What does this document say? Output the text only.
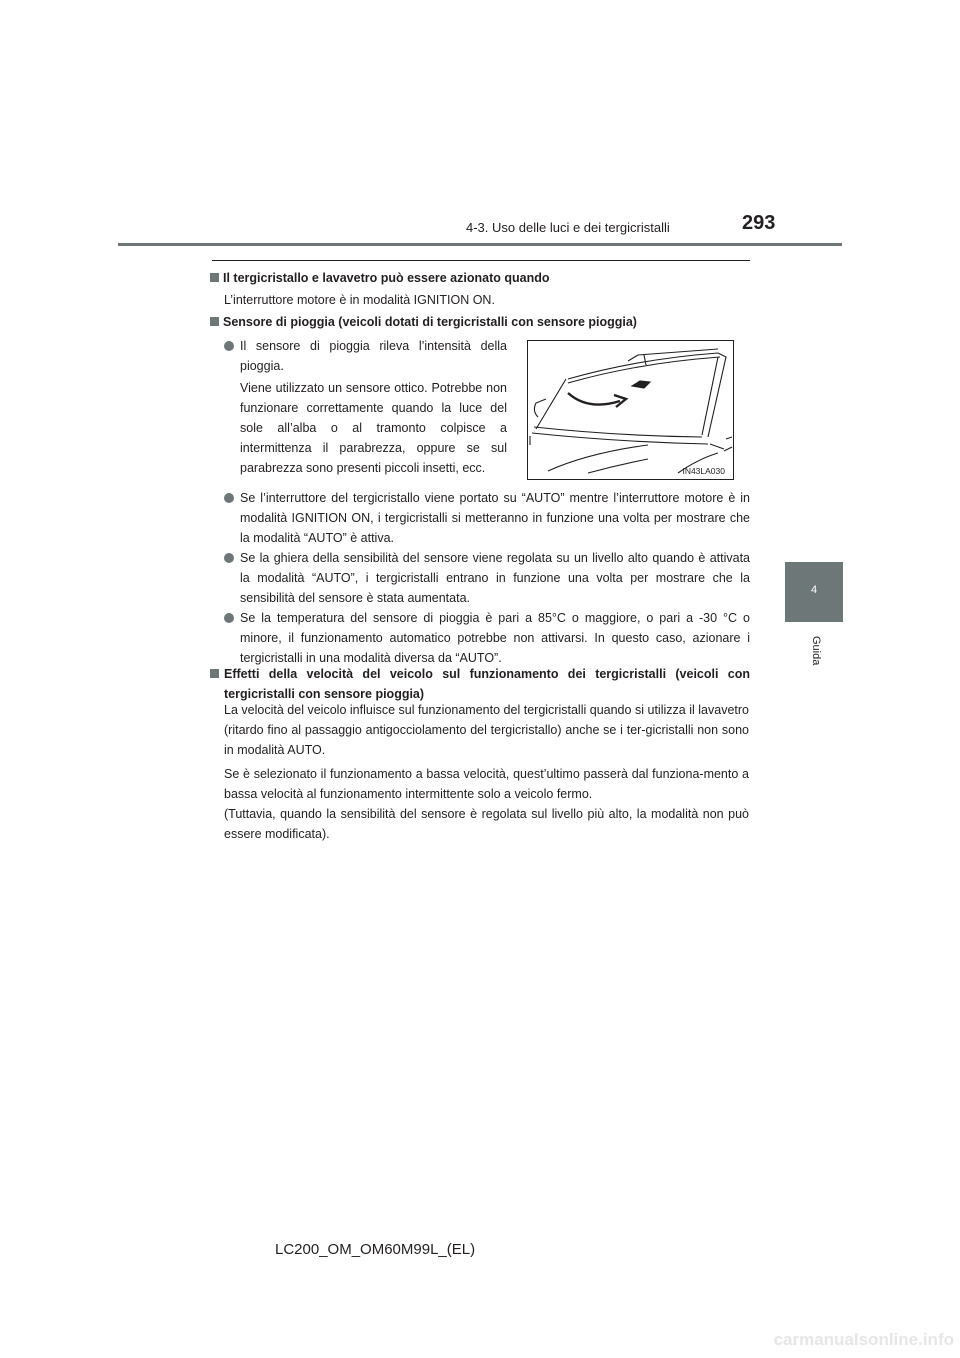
4-3. Uso delle luci e dei tergicristalli	293
4
Guida
Il tergicristallo e lavavetro può essere azionato quando
L’interruttore motore è in modalità IGNITION ON.
Sensore di pioggia (veicoli dotati di tergicristalli con sensore pioggia)
Il sensore di pioggia rileva l’intensità della pioggia.
Viene utilizzato un sensore ottico. Potrebbe non funzionare correttamente quando la luce del sole all’alba o al tramonto colpisce a intermittenza il parabrezza, oppure se sul parabrezza sono presenti piccoli insetti, ecc.	IN43LA030
Se l’interruttore del tergicristallo viene portato su “AUTO” mentre l’interruttore motore è in modalità IGNITION ON, i tergicristalli si metteranno in funzione una volta per mostrare che la modalità “AUTO” è attiva.
Se la ghiera della sensibilità del sensore viene regolata su un livello alto quando è attivata la modalità “AUTO”, i tergicristalli entrano in funzione una volta per mostrare che la sensibilità del sensore è stata aumentata.
Se la temperatura del sensore di pioggia è pari a 85°C o maggiore, o pari a -30 °C o minore, il funzionamento automatico potrebbe non attivarsi. In questo caso, azionare i tergicristalli in una modalità diversa da “AUTO”.
Effetti della velocità del veicolo sul funzionamento dei tergicristalli (veicoli con tergicristalli con sensore pioggia)
La velocità del veicolo influisce sul funzionamento del tergicristalli quando si utilizza il lavavetro (ritardo fino al passaggio antigocciolamento del tergicristallo) anche se i ter-gicristalli non sono in modalità AUTO.
Se è selezionato il funzionamento a bassa velocità, quest’ultimo passerà dal funziona-mento a bassa velocità al funzionamento intermittente solo a veicolo fermo.
(Tuttavia, quando la sensibilità del sensore è regolata sul livello più alto, la modalità non può essere modificata).
LC200_OM_OM60M99L_(EL)
carmanualsonline.info
